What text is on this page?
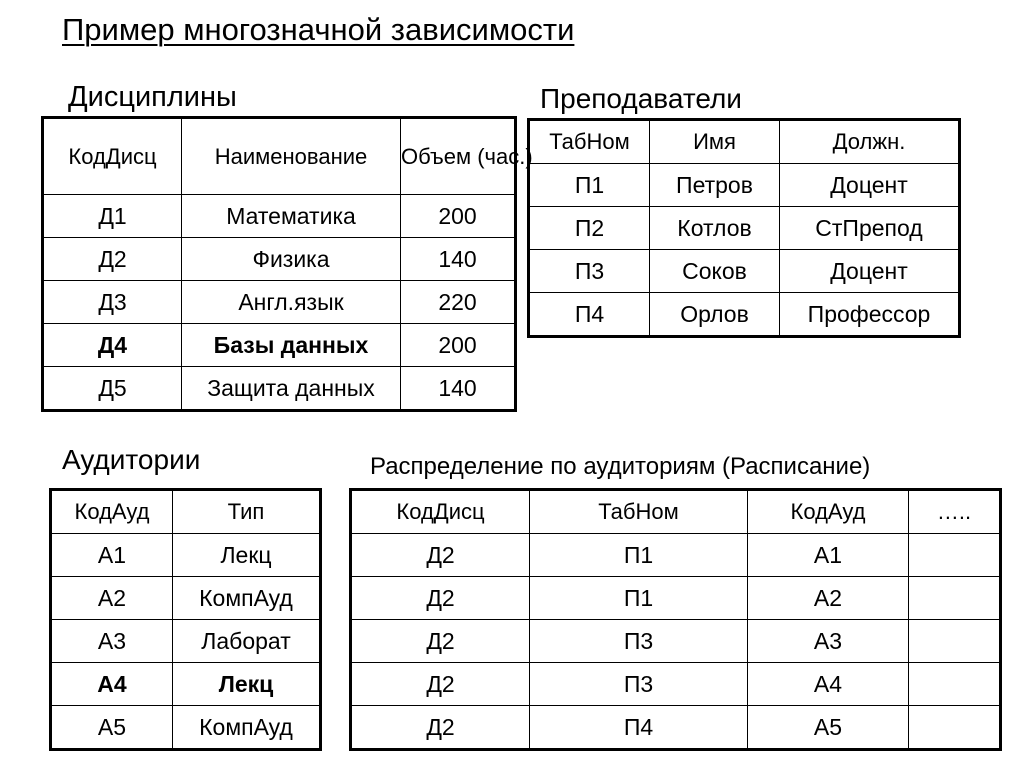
Пример многозначной зависимости
Дисциплины
КодДисц	Наименование	Объем (час.)
Д1	Математика	200
Д2	Физика	140
Д3	Англ.язык	220
Д4	Базы данных	200
Д5	Защита данных	140
Преподаватели
ТабНом	Имя	Должн.
П1	Петров	Доцент
П2	Котлов	СтПрепод
П3	Соков	Доцент
П4	Орлов	Профессор
Аудитории
КодАуд	Тип
А1	Лекц
А2	КомпАуд
А3	Лаборат
А4	Лекц
А5	КомпАуд
Распределение по аудиториям (Расписание)
КодДисц	ТабНом	КодАуд	…..
Д2	П1	А1	
Д2	П1	А2	
Д2	П3	А3	
Д2	П3	А4	
Д2	П4	А5	
